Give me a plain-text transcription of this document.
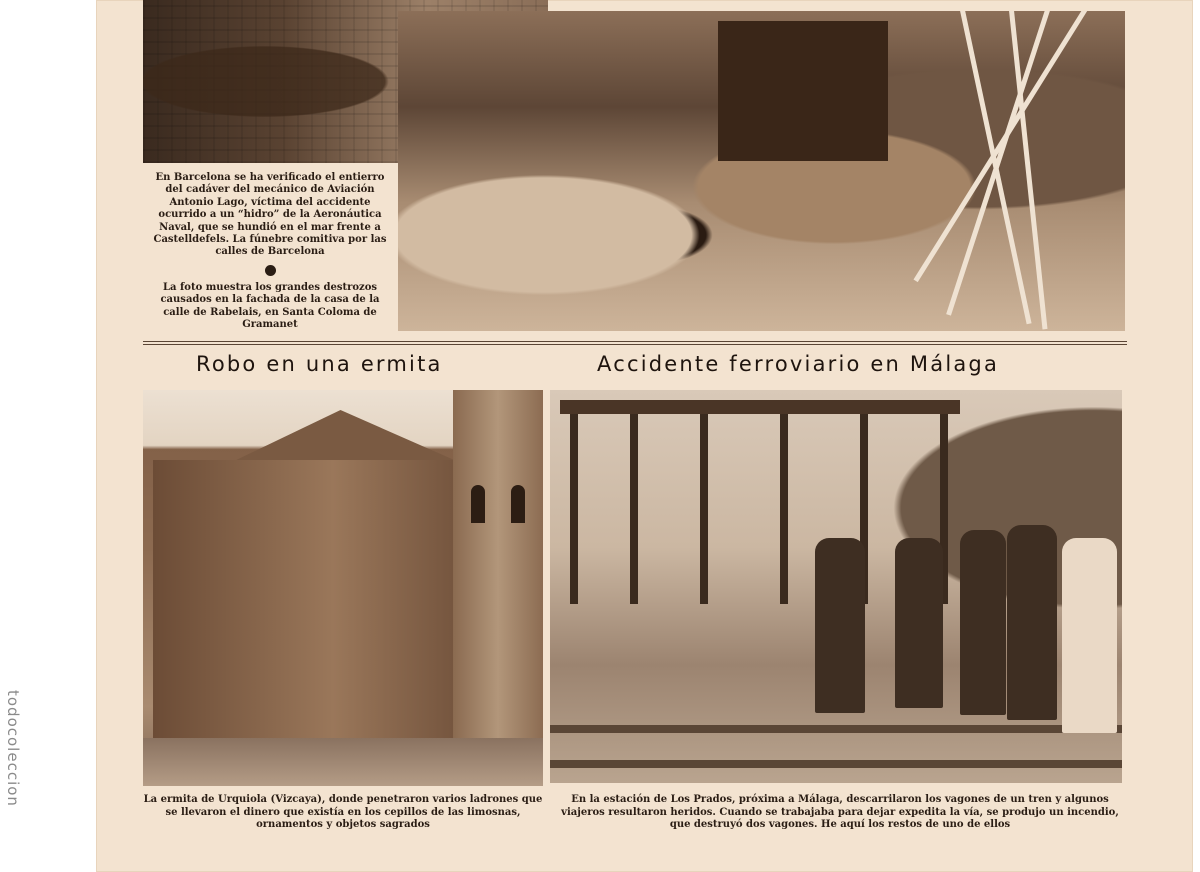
todocoleccion

En Barcelona se ha verificado el entierro del cadáver del mecánico de Aviación Antonio Lago, víctima del accidente ocurrido a un “hidro” de la Aeronáutica Naval, que se hundió en el mar frente a Castelldefels. La fúnebre comitiva por las calles de Barcelona

La foto muestra los grandes destrozos causados en la fachada de la casa de la calle de Rabelais, en Santa Coloma de Gramanet

Robo en una ermita	Accidente ferroviario en Málaga
La ermita de Urquiola (Vizcaya), donde penetraron varios ladrones que se llevaron el dinero que existía en los cepillos de las limosnas, ornamentos y objetos sagrados
En la estación de Los Prados, próxima a Málaga, descarrilaron los vagones de un tren y algunos viajeros resultaron heridos. Cuando se trabajaba para dejar expedita la vía, se produjo un incendio, que destruyó dos vagones. He aquí los restos de uno de ellos
